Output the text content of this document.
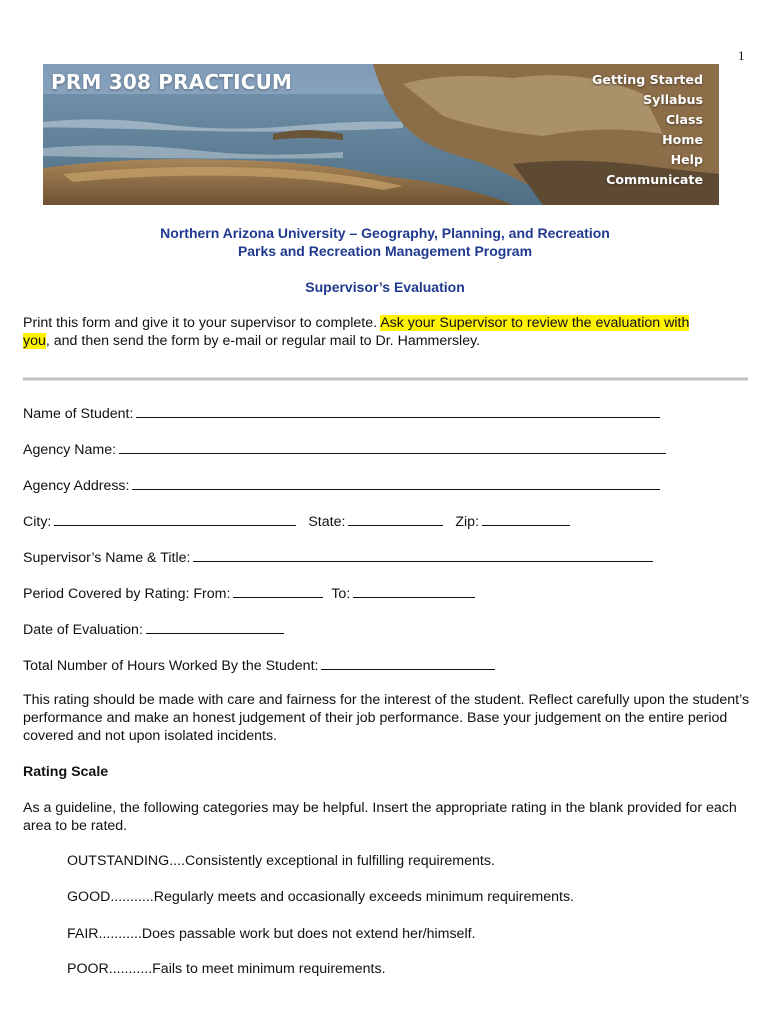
1
PRM 308 PRACTICUM	Getting Started
Syllabus
Class
Home
Help
Communicate
Northern Arizona University – Geography, Planning, and Recreation
Parks and Recreation Management Program
Supervisor’s Evaluation
Print this form and give it to your supervisor to complete. Ask your Supervisor to review the evaluation with
you, and then send the form by e-mail or regular mail to Dr. Hammersley.
Name of Student:
Agency Name:
Agency Address:
City:	State:	Zip:
Supervisor’s Name & Title:
Period Covered by Rating: From:	To:
Date of Evaluation:
Total Number of Hours Worked By the Student:
This rating should be made with care and fairness for the interest of the student. Reflect carefully upon the student’s performance and make an honest judgement of their job performance. Base your judgement on the entire period covered and not upon isolated incidents.
Rating Scale
As a guideline, the following categories may be helpful. Insert the appropriate rating in the blank provided for each area to be rated.
OUTSTANDING....Consistently exceptional in fulfilling requirements.
GOOD...........Regularly meets and occasionally exceeds minimum requirements.
FAIR...........Does passable work but does not extend her/himself.
POOR...........Fails to meet minimum requirements.
